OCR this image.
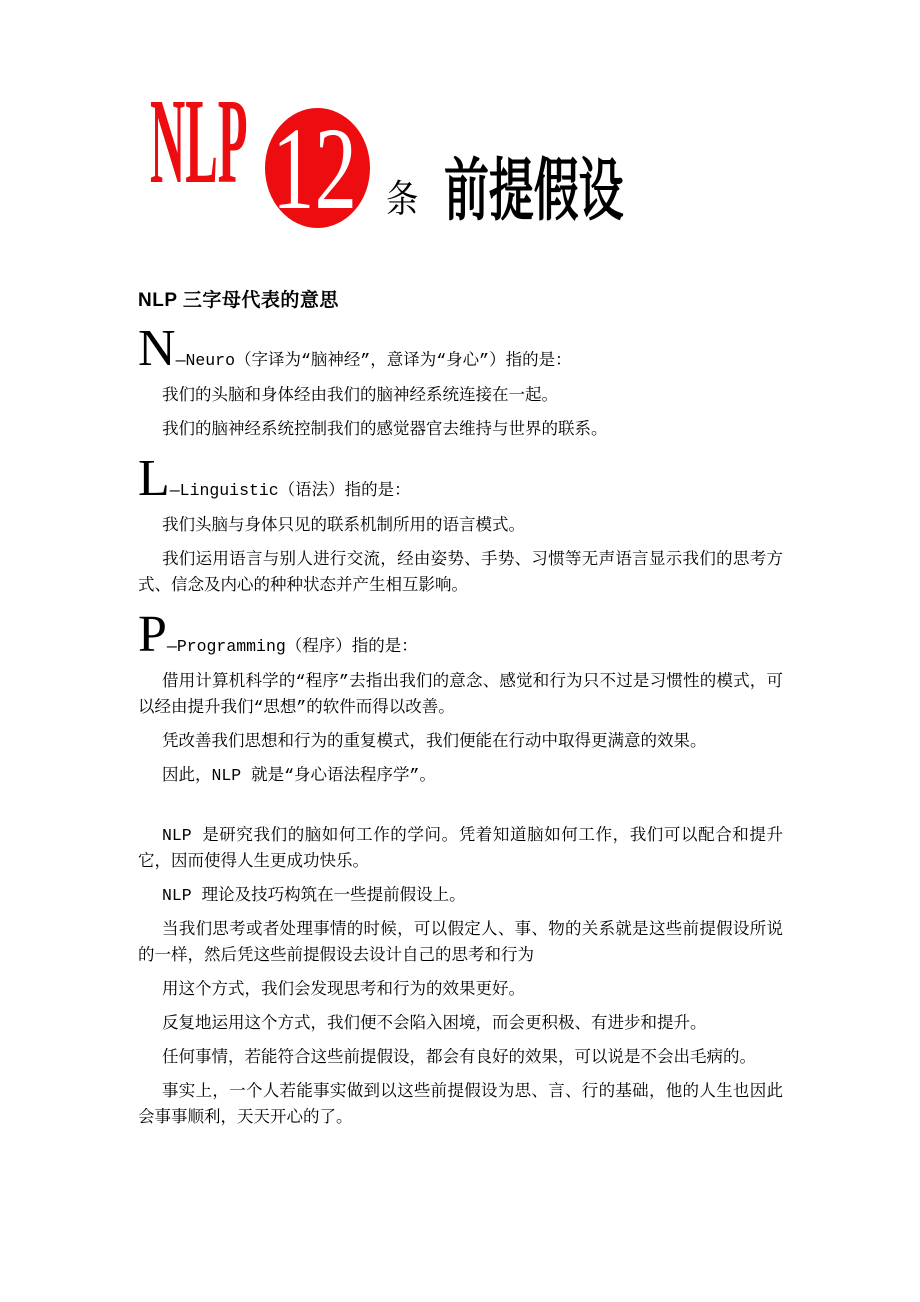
NLP 12 条 前提假设
NLP 三字母代表的意思

N—Neuro（字译为“脑神经”，意译为“身心”）指的是：

我们的头脑和身体经由我们的脑神经系统连接在一起。

我们的脑神经系统控制我们的感觉器官去维持与世界的联系。

L—Linguistic（语法）指的是：

我们头脑与身体只见的联系机制所用的语言模式。

我们运用语言与别人进行交流，经由姿势、手势、习惯等无声语言显示我们的思考方式、信念及内心的种种状态并产生相互影响。

P—Programming（程序）指的是：

借用计算机科学的“程序”去指出我们的意念、感觉和行为只不过是习惯性的模式，可以经由提升我们“思想”的软件而得以改善。

凭改善我们思想和行为的重复模式，我们便能在行动中取得更满意的效果。

因此，NLP 就是“身心语法程序学”。

NLP 是研究我们的脑如何工作的学问。凭着知道脑如何工作，我们可以配合和提升它，因而使得人生更成功快乐。

NLP 理论及技巧构筑在一些提前假设上。

当我们思考或者处理事情的时候，可以假定人、事、物的关系就是这些前提假设所说的一样，然后凭这些前提假设去设计自己的思考和行为

用这个方式，我们会发现思考和行为的效果更好。

反复地运用这个方式，我们便不会陷入困境，而会更积极、有进步和提升。

任何事情，若能符合这些前提假设，都会有良好的效果，可以说是不会出毛病的。

事实上，一个人若能事实做到以这些前提假设为思、言、行的基础，他的人生也因此会事事顺利，天天开心的了。
